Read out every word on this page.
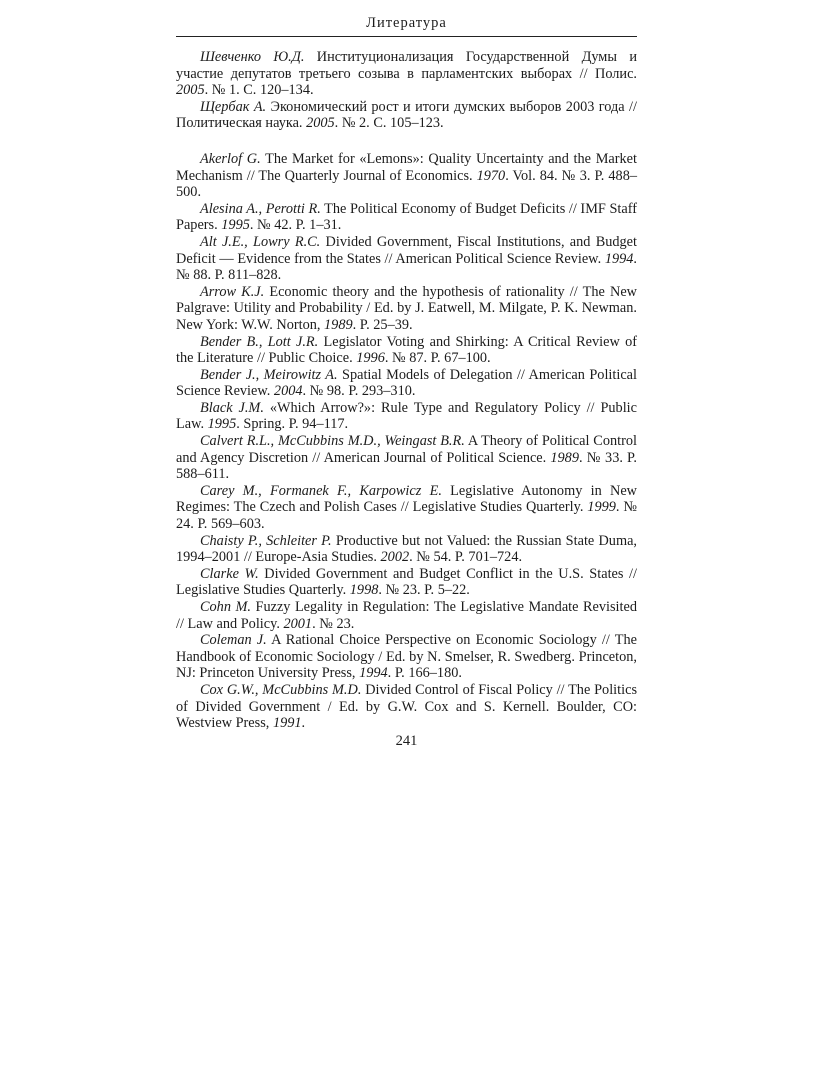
Литература

Шевченко Ю.Д. Институционализация Государственной Думы и участие депутатов третьего созыва в парламентских выборах // Полис. 2005. № 1. С. 120–134.

Щербак А. Экономический рост и итоги думских выборов 2003 года // Политическая наука. 2005. № 2. С. 105–123.

Akerlof G. The Market for «Lemons»: Quality Uncertainty and the Market Mechanism // The Quarterly Journal of Economics. 1970. Vol. 84. № 3. P. 488–500.

Alesina A., Perotti R. The Political Economy of Budget Deficits // IMF Staff Papers. 1995. № 42. P. 1–31.

Alt J.E., Lowry R.C. Divided Government, Fiscal Institutions, and Budget Deficit — Evidence from the States // American Political Science Review. 1994. № 88. P. 811–828.

Arrow K.J. Economic theory and the hypothesis of rationality // The New Palgrave: Utility and Probability / Ed. by J. Eatwell, M. Milgate, P. K. Newman. New York: W.W. Norton, 1989. P. 25–39.

Bender B., Lott J.R. Legislator Voting and Shirking: A Critical Review of the Literature // Public Choice. 1996. № 87. P. 67–100.

Bender J., Meirowitz A. Spatial Models of Delegation // American Political Science Review. 2004. № 98. P. 293–310.

Black J.M. «Which Arrow?»: Rule Type and Regulatory Policy // Public Law. 1995. Spring. P. 94–117.

Calvert R.L., McCubbins M.D., Weingast B.R. A Theory of Political Control and Agency Discretion // American Journal of Political Science. 1989. № 33. P. 588–611.

Carey M., Formanek F., Karpowicz E. Legislative Autonomy in New Regimes: The Czech and Polish Cases // Legislative Studies Quarterly. 1999. № 24. P. 569–603.

Chaisty P., Schleiter P. Productive but not Valued: the Russian State Duma, 1994–2001 // Europe-Asia Studies. 2002. № 54. P. 701–724.

Clarke W. Divided Government and Budget Conflict in the U.S. States // Legislative Studies Quarterly. 1998. № 23. P. 5–22.

Cohn M. Fuzzy Legality in Regulation: The Legislative Mandate Revisited // Law and Policy. 2001. № 23.

Coleman J. A Rational Choice Perspective on Economic Sociology // The Handbook of Economic Sociology / Ed. by N. Smelser, R. Swedberg. Princeton, NJ: Princeton University Press, 1994. P. 166–180.

Cox G.W., McCubbins M.D. Divided Control of Fiscal Policy // The Politics of Divided Government / Ed. by G.W. Cox and S. Kernell. Boulder, CO: Westview Press, 1991.

241
